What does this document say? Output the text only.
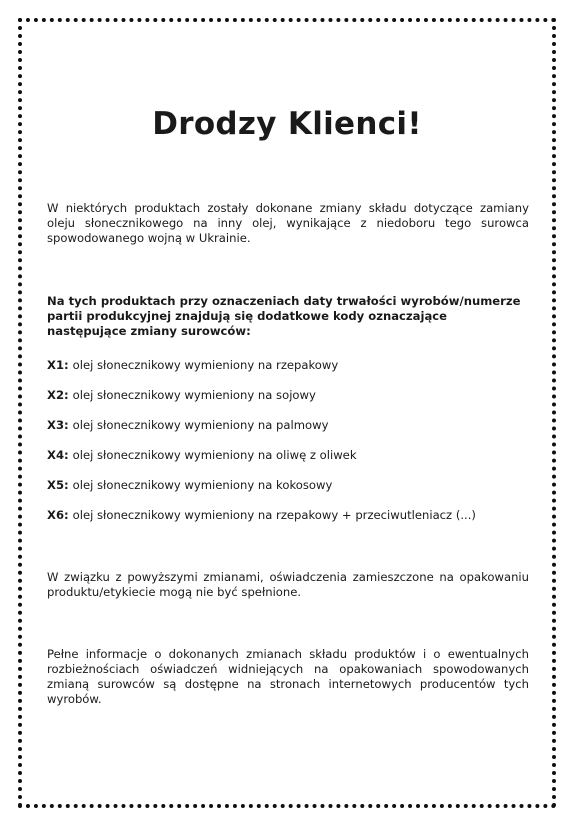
Drodzy Klienci!

W niektórych produktach zostały dokonane zmiany składu dotyczące zamiany oleju słonecznikowego na inny olej, wynikające z niedoboru tego surowca spowodowanego wojną w Ukrainie.

Na tych produktach przy oznaczeniach daty trwałości wyrobów/numerze partii produkcyjnej znajdują się dodatkowe kody oznaczające następujące zmiany surowców:

X1: olej słonecznikowy wymieniony na rzepakowy
X2: olej słonecznikowy wymieniony na sojowy
X3: olej słonecznikowy wymieniony na palmowy
X4: olej słonecznikowy wymieniony na oliwę z oliwek
X5: olej słonecznikowy wymieniony na kokosowy
X6: olej słonecznikowy wymieniony na rzepakowy + przeciwutleniacz (...)

W związku z powyższymi zmianami, oświadczenia zamieszczone na opakowaniu produktu/etykiecie mogą nie być spełnione.

Pełne informacje o dokonanych zmianach składu produktów i o ewentualnych rozbieżnościach oświadczeń widniejących na opakowaniach spowodowanych zmianą surowców są dostępne na stronach internetowych producentów tych wyrobów.
